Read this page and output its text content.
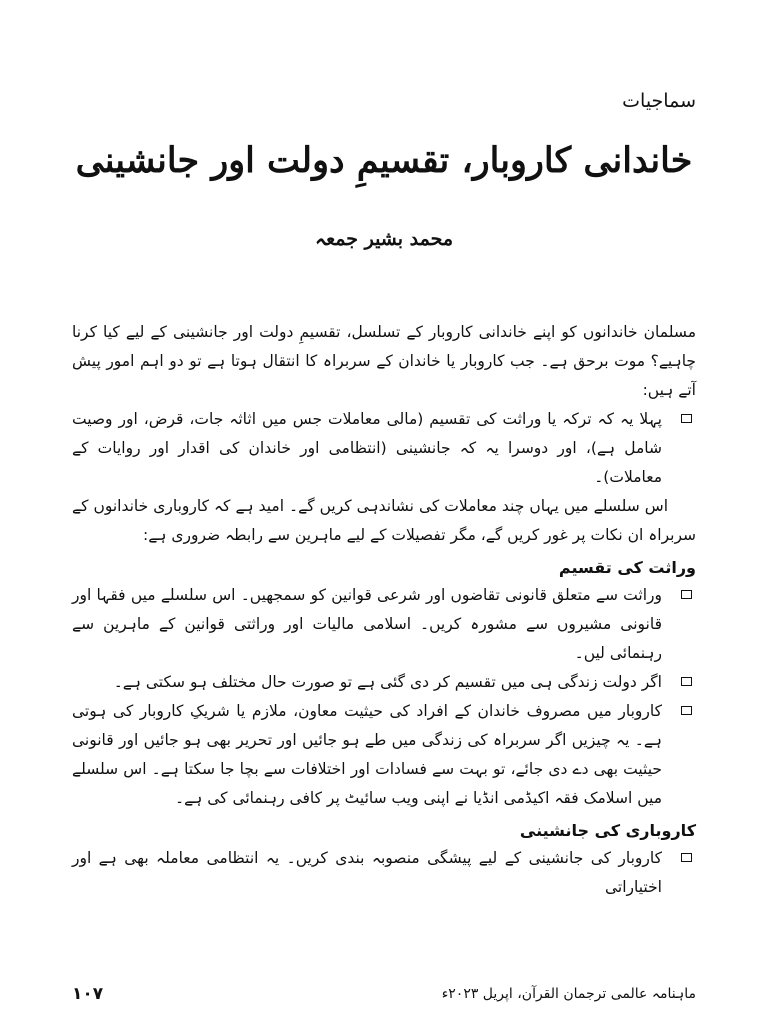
سماجیات
خاندانی کاروبار، تقسیمِ دولت اور جانشینی
محمد بشیر جمعہ

مسلمان خاندانوں کو اپنے خاندانی کاروبار کے تسلسل، تقسیمِ دولت اور جانشینی کے لیے کیا کرنا چاہیے؟ موت برحق ہے۔ جب کاروبار یا خاندان کے سربراہ کا انتقال ہوتا ہے تو دو اہم امور پیش آتے ہیں:

پہلا یہ کہ ترکہ یا وراثت کی تقسیم (مالی معاملات جس میں اثاثہ جات، قرض، اور وصیت شامل ہے)، اور دوسرا یہ کہ جانشینی (انتظامی اور خاندان کی اقدار اور روایات کے معاملات)۔

اس سلسلے میں یہاں چند معاملات کی نشاندہی کریں گے۔ امید ہے کہ کاروباری خاندانوں کے سربراہ ان نکات پر غور کریں گے، مگر تفصیلات کے لیے ماہرین سے رابطہ ضروری ہے:

وراثت کی تقسیم
وراثت سے متعلق قانونی تقاضوں اور شرعی قوانین کو سمجھیں۔ اس سلسلے میں فقہا اور قانونی مشیروں سے مشورہ کریں۔ اسلامی مالیات اور وراثتی قوانین کے ماہرین سے رہنمائی لیں۔
اگر دولت زندگی ہی میں تقسیم کر دی گئی ہے تو صورت حال مختلف ہو سکتی ہے۔
کاروبار میں مصروف خاندان کے افراد کی حیثیت معاون، ملازم یا شریکِ کاروبار کی ہوتی ہے۔ یہ چیزیں اگر سربراہ کی زندگی میں طے ہو جائیں اور تحریر بھی ہو جائیں اور قانونی حیثیت بھی دے دی جائے، تو بہت سے فسادات اور اختلافات سے بچا جا سکتا ہے۔ اس سلسلے میں اسلامک فقہ اکیڈمی انڈیا نے اپنی ویب سائیٹ پر کافی رہنمائی کی ہے۔
کاروباری کی جانشینی
کاروبار کی جانشینی کے لیے پیشگی منصوبہ بندی کریں۔ یہ انتظامی معاملہ بھی ہے اور اختیاراتی
ماہنامہ عالمی ترجمان القرآن، اپریل ۲۰۲۳ء
۱۰۷
